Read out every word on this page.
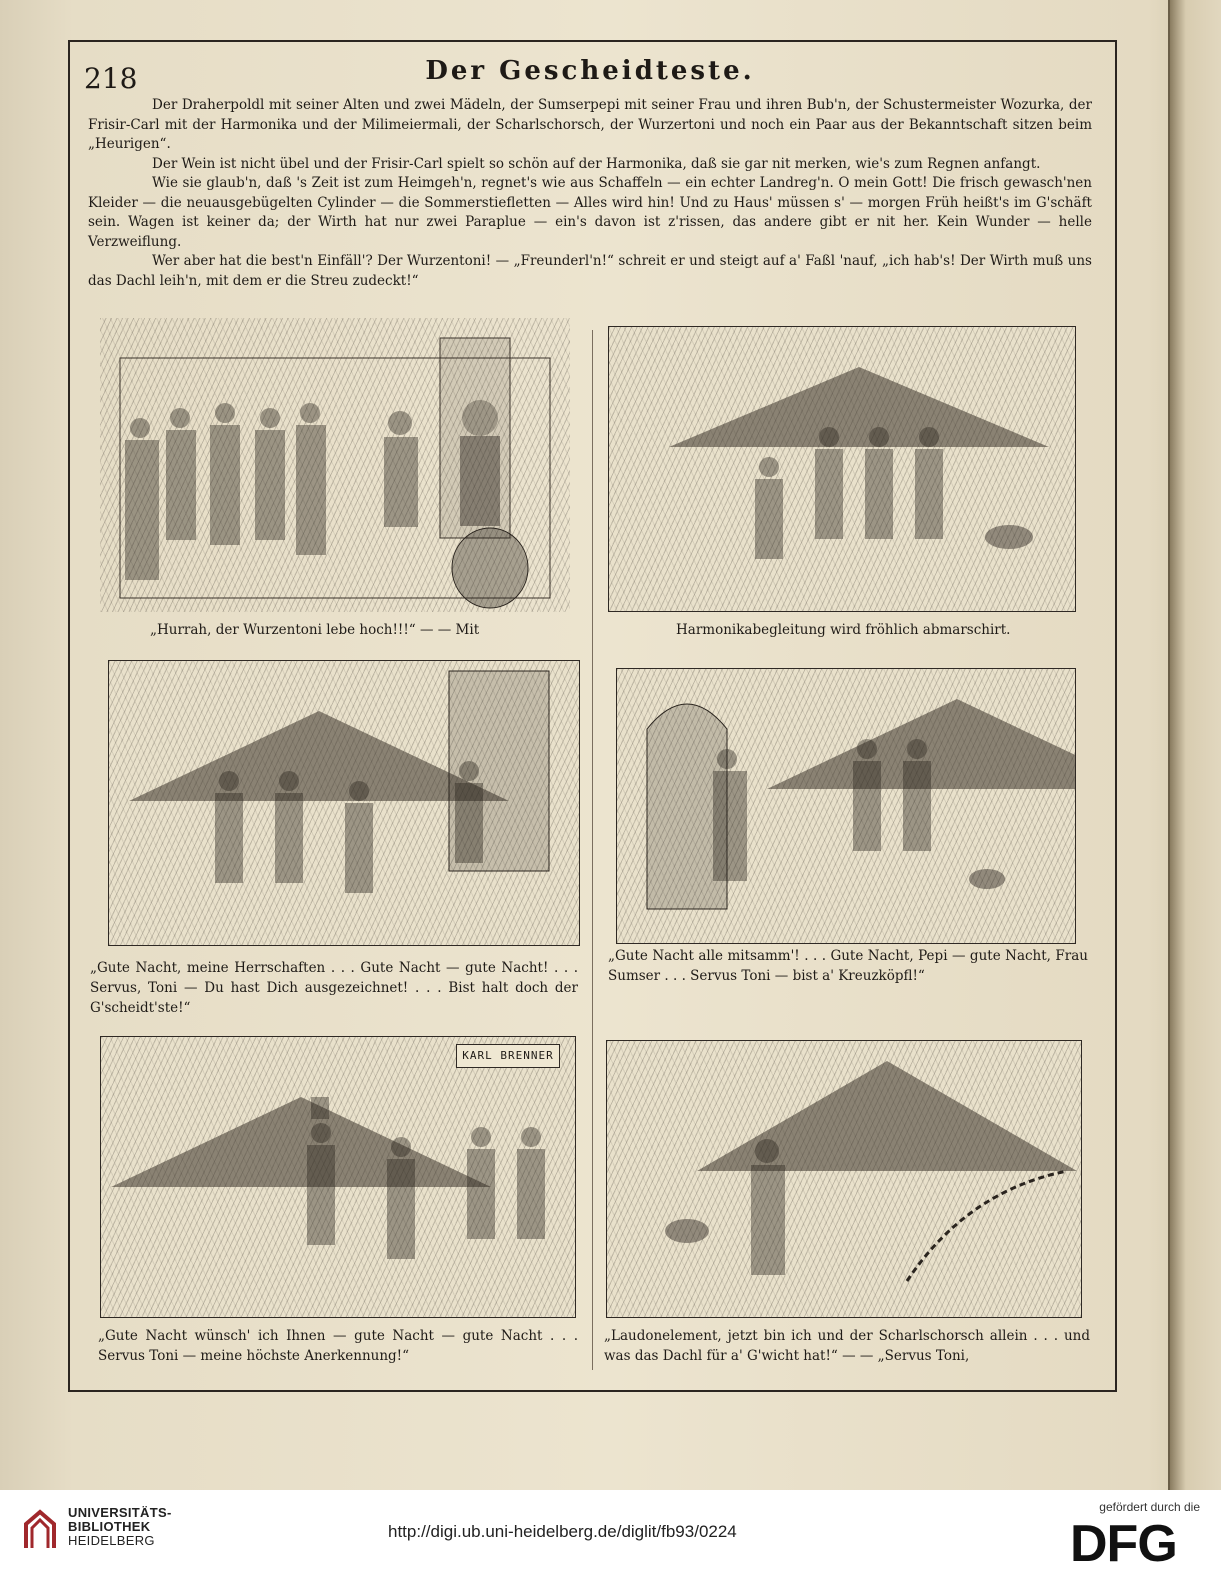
218	Der Gescheidteste.

Der Draherpoldl mit seiner Alten und zwei Mädeln, der Sumserpepi mit seiner Frau und ihren Bub'n, der Schustermeister Wozurka, der Frisir-Carl mit der Harmonika und der Milimeiermali, der Scharlschorsch, der Wurzertoni und noch ein Paar aus der Bekanntschaft sitzen beim „Heurigen“.

Der Wein ist nicht übel und der Frisir-Carl spielt so schön auf der Harmonika, daß sie gar nit merken, wie's zum Regnen anfangt.

Wie sie glaub'n, daß 's Zeit ist zum Heimgeh'n, regnet's wie aus Schaffeln — ein echter Landreg'n. O mein Gott! Die frisch gewasch'nen Kleider — die neuausgebügelten Cylinder — die Sommerstiefletten — Alles wird hin! Und zu Haus' müssen s' — morgen Früh heißt's im G'schäft sein. Wagen ist keiner da; der Wirth hat nur zwei Paraplue — ein's davon ist z'rissen, das andere gibt er nit her. Kein Wunder — helle Verzweiflung.

Wer aber hat die best'n Einfäll'? Der Wurzentoni! — „Freunderl'n!“ schreit er und steigt auf a' Faßl 'nauf, „ich hab's! Der Wirth muß uns das Dachl leih'n, mit dem er die Streu zudeckt!“

„Hurrah, der Wurzentoni lebe hoch!!!“ — — Mit	Harmonikabegleitung wird fröhlich abmarschirt.
„Gute Nacht, meine Herrschaften . . . Gute Nacht — gute Nacht! . . . Servus, Toni — Du hast Dich ausgezeichnet! . . . Bist halt doch der G'scheidt'ste!“
„Gute Nacht alle mitsamm'! . . . Gute Nacht, Pepi — gute Nacht, Frau Sumser . . . Servus Toni — bist a' Kreuzköpfl!“
KARL BRENNER
„Gute Nacht wünsch' ich Ihnen — gute Nacht — gute Nacht . . . Servus Toni — meine höchste Anerkennung!“
„Laudonelement, jetzt bin ich und der Scharlschorsch allein . . . und was das Dachl für a' G'wicht hat!“ — — „Servus Toni,
UNIVERSITÄTS-
BIBLIOTHEK
HEIDELBERG	http://digi.ub.uni-heidelberg.de/diglit/fb93/0224
gefördert durch die
DFG
